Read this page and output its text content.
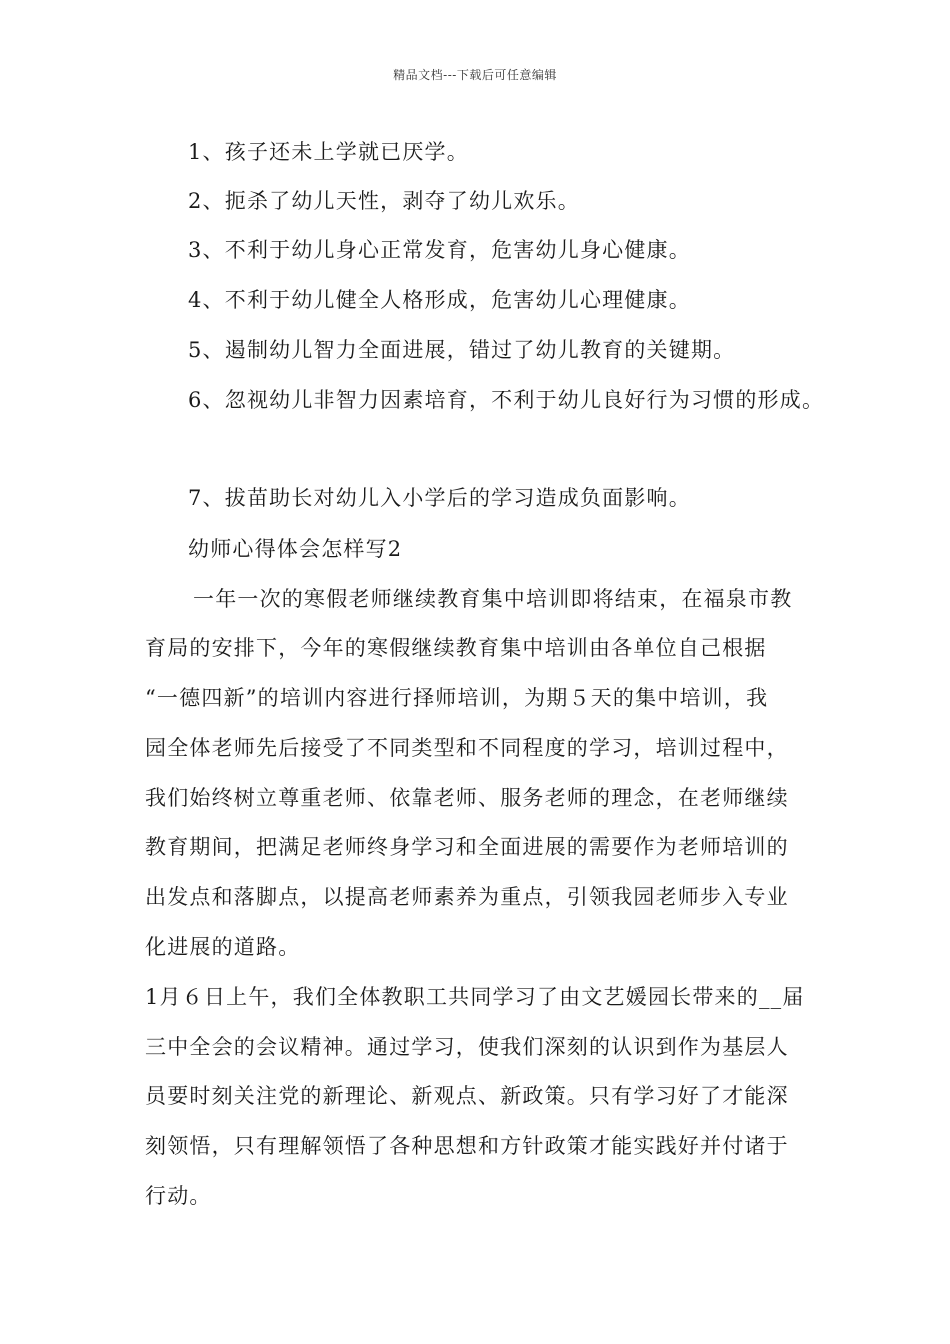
精品文档---下载后可任意编辑
1、孩子还未上学就已厌学。
2、扼杀了幼儿天性，剥夺了幼儿欢乐。
3、不利于幼儿身心正常发育，危害幼儿身心健康。
4、不利于幼儿健全人格形成，危害幼儿心理健康。
5、遏制幼儿智力全面进展，错过了幼儿教育的关键期。
6、忽视幼儿非智力因素培育，不利于幼儿良好行为习惯的形成。
7、拔苗助长对幼儿入小学后的学习造成负面影响。
幼师心得体会怎样写2
一年一次的寒假老师继续教育集中培训即将结束，在福泉市教
育局的安排下，今年的寒假继续教育集中培训由各单位自己根据
“一德四新”的培训内容进行择师培训，为期５天的集中培训，我
园全体老师先后接受了不同类型和不同程度的学习，培训过程中，
我们始终树立尊重老师、依靠老师、服务老师的理念，在老师继续
教育期间，把满足老师终身学习和全面进展的需要作为老师培训的
出发点和落脚点，以提高老师素养为重点，引领我园老师步入专业
化进展的道路。
1月６日上午，我们全体教职工共同学习了由文艺媛园长带来的__届
三中全会的会议精神。通过学习，使我们深刻的认识到作为基层人
员要时刻关注党的新理论、新观点、新政策。只有学习好了才能深
刻领悟，只有理解领悟了各种思想和方针政策才能实践好并付诸于
行动。
